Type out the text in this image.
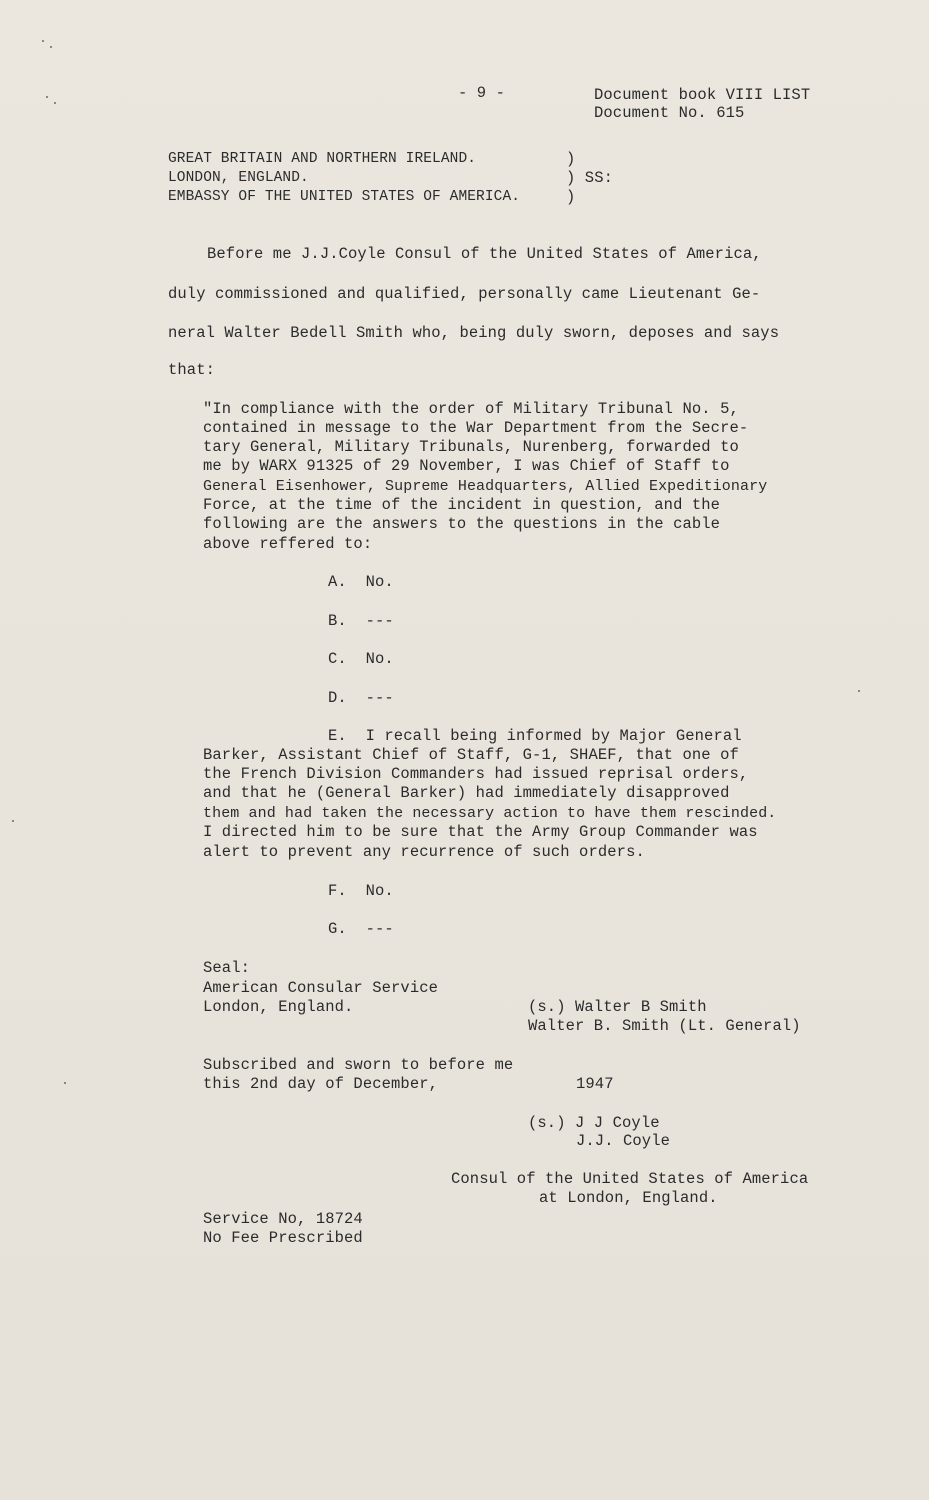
- 9 -	Document book VIII LIST
Document No. 615
GREAT BRITAIN AND NORTHERN IRELAND.
LONDON, ENGLAND.
EMBASSY OF THE UNITED STATES OF AMERICA.
)
) SS:
)
Before me J.J.Coyle Consul of the United States of America,
duly commissioned and qualified, personally came Lieutenant Ge-
neral Walter Bedell Smith who, being duly sworn, deposes and says
that:
"In compliance with the order of Military Tribunal No. 5,
contained in message to the War Department from the Secre-
tary General, Military Tribunals, Nurenberg, forwarded to
me by WARX 91325 of 29 November, I was Chief of Staff to
General Eisenhower, Supreme Headquarters, Allied Expeditionary
Force, at the time of the incident in question, and the
following are the answers to the questions in the cable
above reffered to:
A.  No.
B.  ---
C.  No.
D.  ---
E.  I recall being informed by Major General
Barker, Assistant Chief of Staff, G-1, SHAEF, that one of
the French Division Commanders had issued reprisal orders,
and that he (General Barker) had immediately disapproved
them and had taken the necessary action to have them rescinded.
I directed him to be sure that the Army Group Commander was
alert to prevent any recurrence of such orders.
F.  No.
G.  ---
Seal:
American Consular Service
London, England.	(s.) Walter B Smith
Walter B. Smith (Lt. General)
Subscribed and sworn to before me
this 2nd day of December,	1947
(s.) J J Coyle
J.J. Coyle
Consul of the United States of America
at London, England.
Service No, 18724
No Fee Prescribed
